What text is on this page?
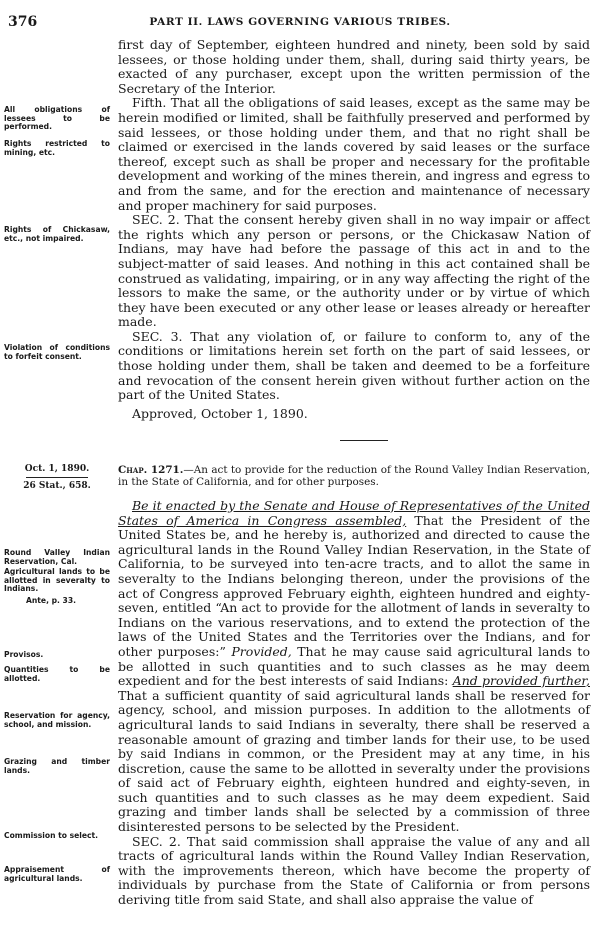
376	PART II. LAWS GOVERNING VARIOUS TRIBES.
All obligations of lessees to be performed.
Rights restricted to mining, etc.
Rights of Chickasaw, etc., not impaired.
Violation of conditions to forfeit consent.
Oct. 1, 1890.
26 Stat., 658.
Round Valley Indian Reservation, Cal.
Agricultural lands to be allotted in severalty to Indians.
Ante, p. 33.
Provisos.
Quantities to be allotted.
Reservation for agency, school, and mission.
Grazing and timber lands.
Commission to select.
Appraisement of agricultural lands.

first day of September, eighteen hundred and ninety, been sold by said lessees, or those holding under them, shall, during said thirty years, be exacted of any purchaser, except upon the written permission of the Secretary of the Interior.

Fifth. That all the obligations of said leases, except as the same may be herein modified or limited, shall be faithfully preserved and performed by said lessees, or those holding under them, and that no right shall be claimed or exercised in the lands covered by said leases or the surface thereof, except such as shall be proper and necessary for the profitable development and working of the mines therein, and ingress and egress to and from the same, and for the erection and maintenance of necessary and proper machinery for said purposes.

SEC. 2. That the consent hereby given shall in no way impair or affect the rights which any person or persons, or the Chickasaw Nation of Indians, may have had before the passage of this act in and to the subject-matter of said leases. And nothing in this act contained shall be construed as validating, impairing, or in any way affecting the right of the lessors to make the same, or the authority under or by virtue of which they have been executed or any other lease or leases already or hereafter made.

SEC. 3. That any violation of, or failure to conform to, any of the conditions or limitations herein set forth on the part of said lessees, or those holding under them, shall be taken and deemed to be a forfeiture and revocation of the consent herein given without further action on the part of the United States.

Approved, October 1, 1890.

Chap. 1271.—An act to provide for the reduction of the Round Valley Indian Reservation, in the State of California, and for other purposes.

Be it enacted by the Senate and House of Representatives of the United States of America in Congress assembled, That the President of the United States be, and he hereby is, authorized and directed to cause the agricultural lands in the Round Valley Indian Reservation, in the State of California, to be surveyed into ten-acre tracts, and to allot the same in severalty to the Indians belonging thereon, under the provisions of the act of Congress approved February eighth, eighteen hundred and eighty-seven, entitled “An act to provide for the allotment of lands in severalty to Indians on the various reservations, and to extend the protection of the laws of the United States and the Territories over the Indians, and for other purposes:” Provided, That he may cause said agricultural lands to be allotted in such quantities and to such classes as he may deem expedient and for the best interests of said Indians: And provided further, That a sufficient quantity of said agricultural lands shall be reserved for agency, school, and mission purposes. In addition to the allotments of agricultural lands to said Indians in severalty, there shall be reserved a reasonable amount of grazing and timber lands for their use, to be used by said Indians in common, or the President may at any time, in his discretion, cause the same to be allotted in severalty under the provisions of said act of February eighth, eighteen hundred and eighty-seven, in such quantities and to such classes as he may deem expedient. Said grazing and timber lands shall be selected by a commission of three disinterested persons to be selected by the President.

SEC. 2. That said commission shall appraise the value of any and all tracts of agricultural lands within the Round Valley Indian Reservation, with the improvements thereon, which have become the property of individuals by purchase from the State of California or from persons deriving title from said State, and shall also appraise the value of
